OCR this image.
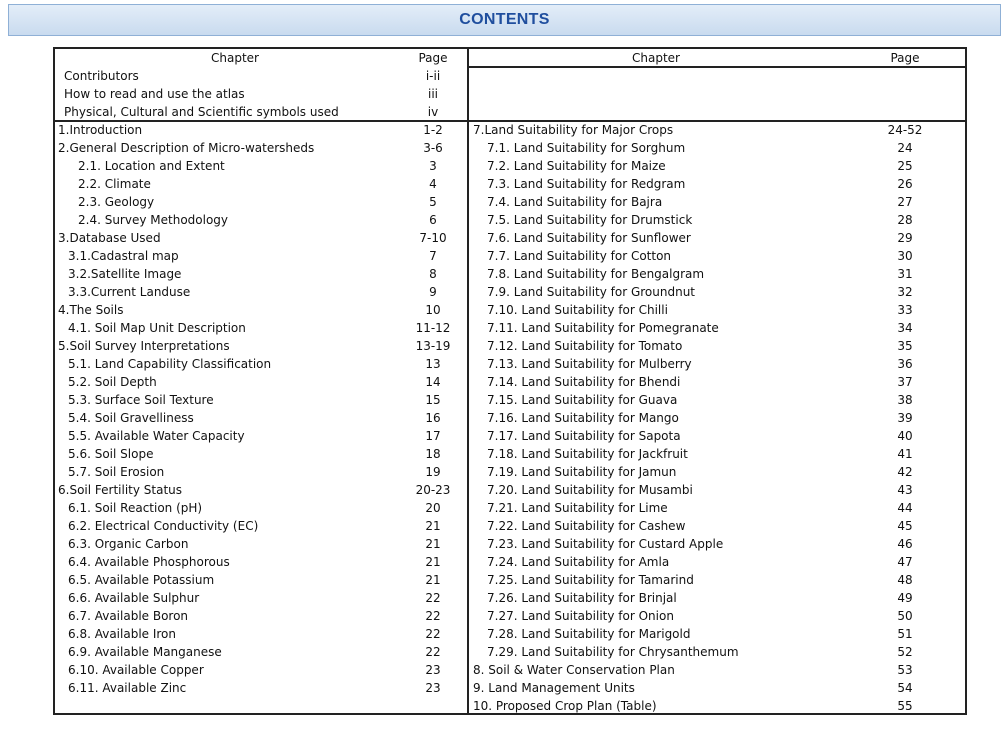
CONTENTS
Chapter	Page	Chapter	Page
Contributors	i-ii
How to read and use the atlas	iii
Physical, Cultural and Scientific symbols used	iv
1.Introduction	1-2
2.General Description of Micro-watersheds	3-6
2.1. Location and Extent	3
2.2. Climate	4
2.3. Geology	5
2.4. Survey Methodology	6
3.Database Used	7-10
3.1.Cadastral map	7
3.2.Satellite Image	8
3.3.Current Landuse	9
4.The Soils	10
4.1. Soil Map Unit Description	11-12
5.Soil Survey Interpretations	13-19
5.1. Land Capability Classification	13
5.2. Soil Depth	14
5.3. Surface Soil Texture	15
5.4. Soil Gravelliness	16
5.5. Available Water Capacity	17
5.6. Soil Slope	18
5.7. Soil Erosion	19
6.Soil Fertility Status	20-23
6.1. Soil Reaction (pH)	20
6.2. Electrical Conductivity (EC)	21
6.3. Organic Carbon	21
6.4. Available Phosphorous	21
6.5. Available Potassium	21
6.6. Available Sulphur	22
6.7. Available Boron	22
6.8. Available Iron	22
6.9. Available Manganese	22
6.10. Available Copper	23
6.11. Available Zinc	23
7.Land Suitability for Major Crops	24-52
7.1. Land Suitability for Sorghum	24
7.2. Land Suitability for Maize	25
7.3. Land Suitability for Redgram	26
7.4. Land Suitability for Bajra	27
7.5. Land Suitability for Drumstick	28
7.6. Land Suitability for Sunflower	29
7.7. Land Suitability for Cotton	30
7.8. Land Suitability for Bengalgram	31
7.9. Land Suitability for Groundnut	32
7.10. Land Suitability for Chilli	33
7.11. Land Suitability for Pomegranate	34
7.12. Land Suitability for Tomato	35
7.13. Land Suitability for Mulberry	36
7.14. Land Suitability for Bhendi	37
7.15. Land Suitability for Guava	38
7.16. Land Suitability for Mango	39
7.17. Land Suitability for Sapota	40
7.18. Land Suitability for Jackfruit	41
7.19. Land Suitability for Jamun	42
7.20. Land Suitability for Musambi	43
7.21. Land Suitability for Lime	44
7.22. Land Suitability for Cashew	45
7.23. Land Suitability for Custard Apple	46
7.24. Land Suitability for Amla	47
7.25. Land Suitability for Tamarind	48
7.26. Land Suitability for Brinjal	49
7.27. Land Suitability for Onion	50
7.28. Land Suitability for Marigold	51
7.29. Land Suitability for Chrysanthemum	52
8. Soil & Water Conservation Plan	53
9. Land Management Units	54
10. Proposed Crop Plan (Table)	55
